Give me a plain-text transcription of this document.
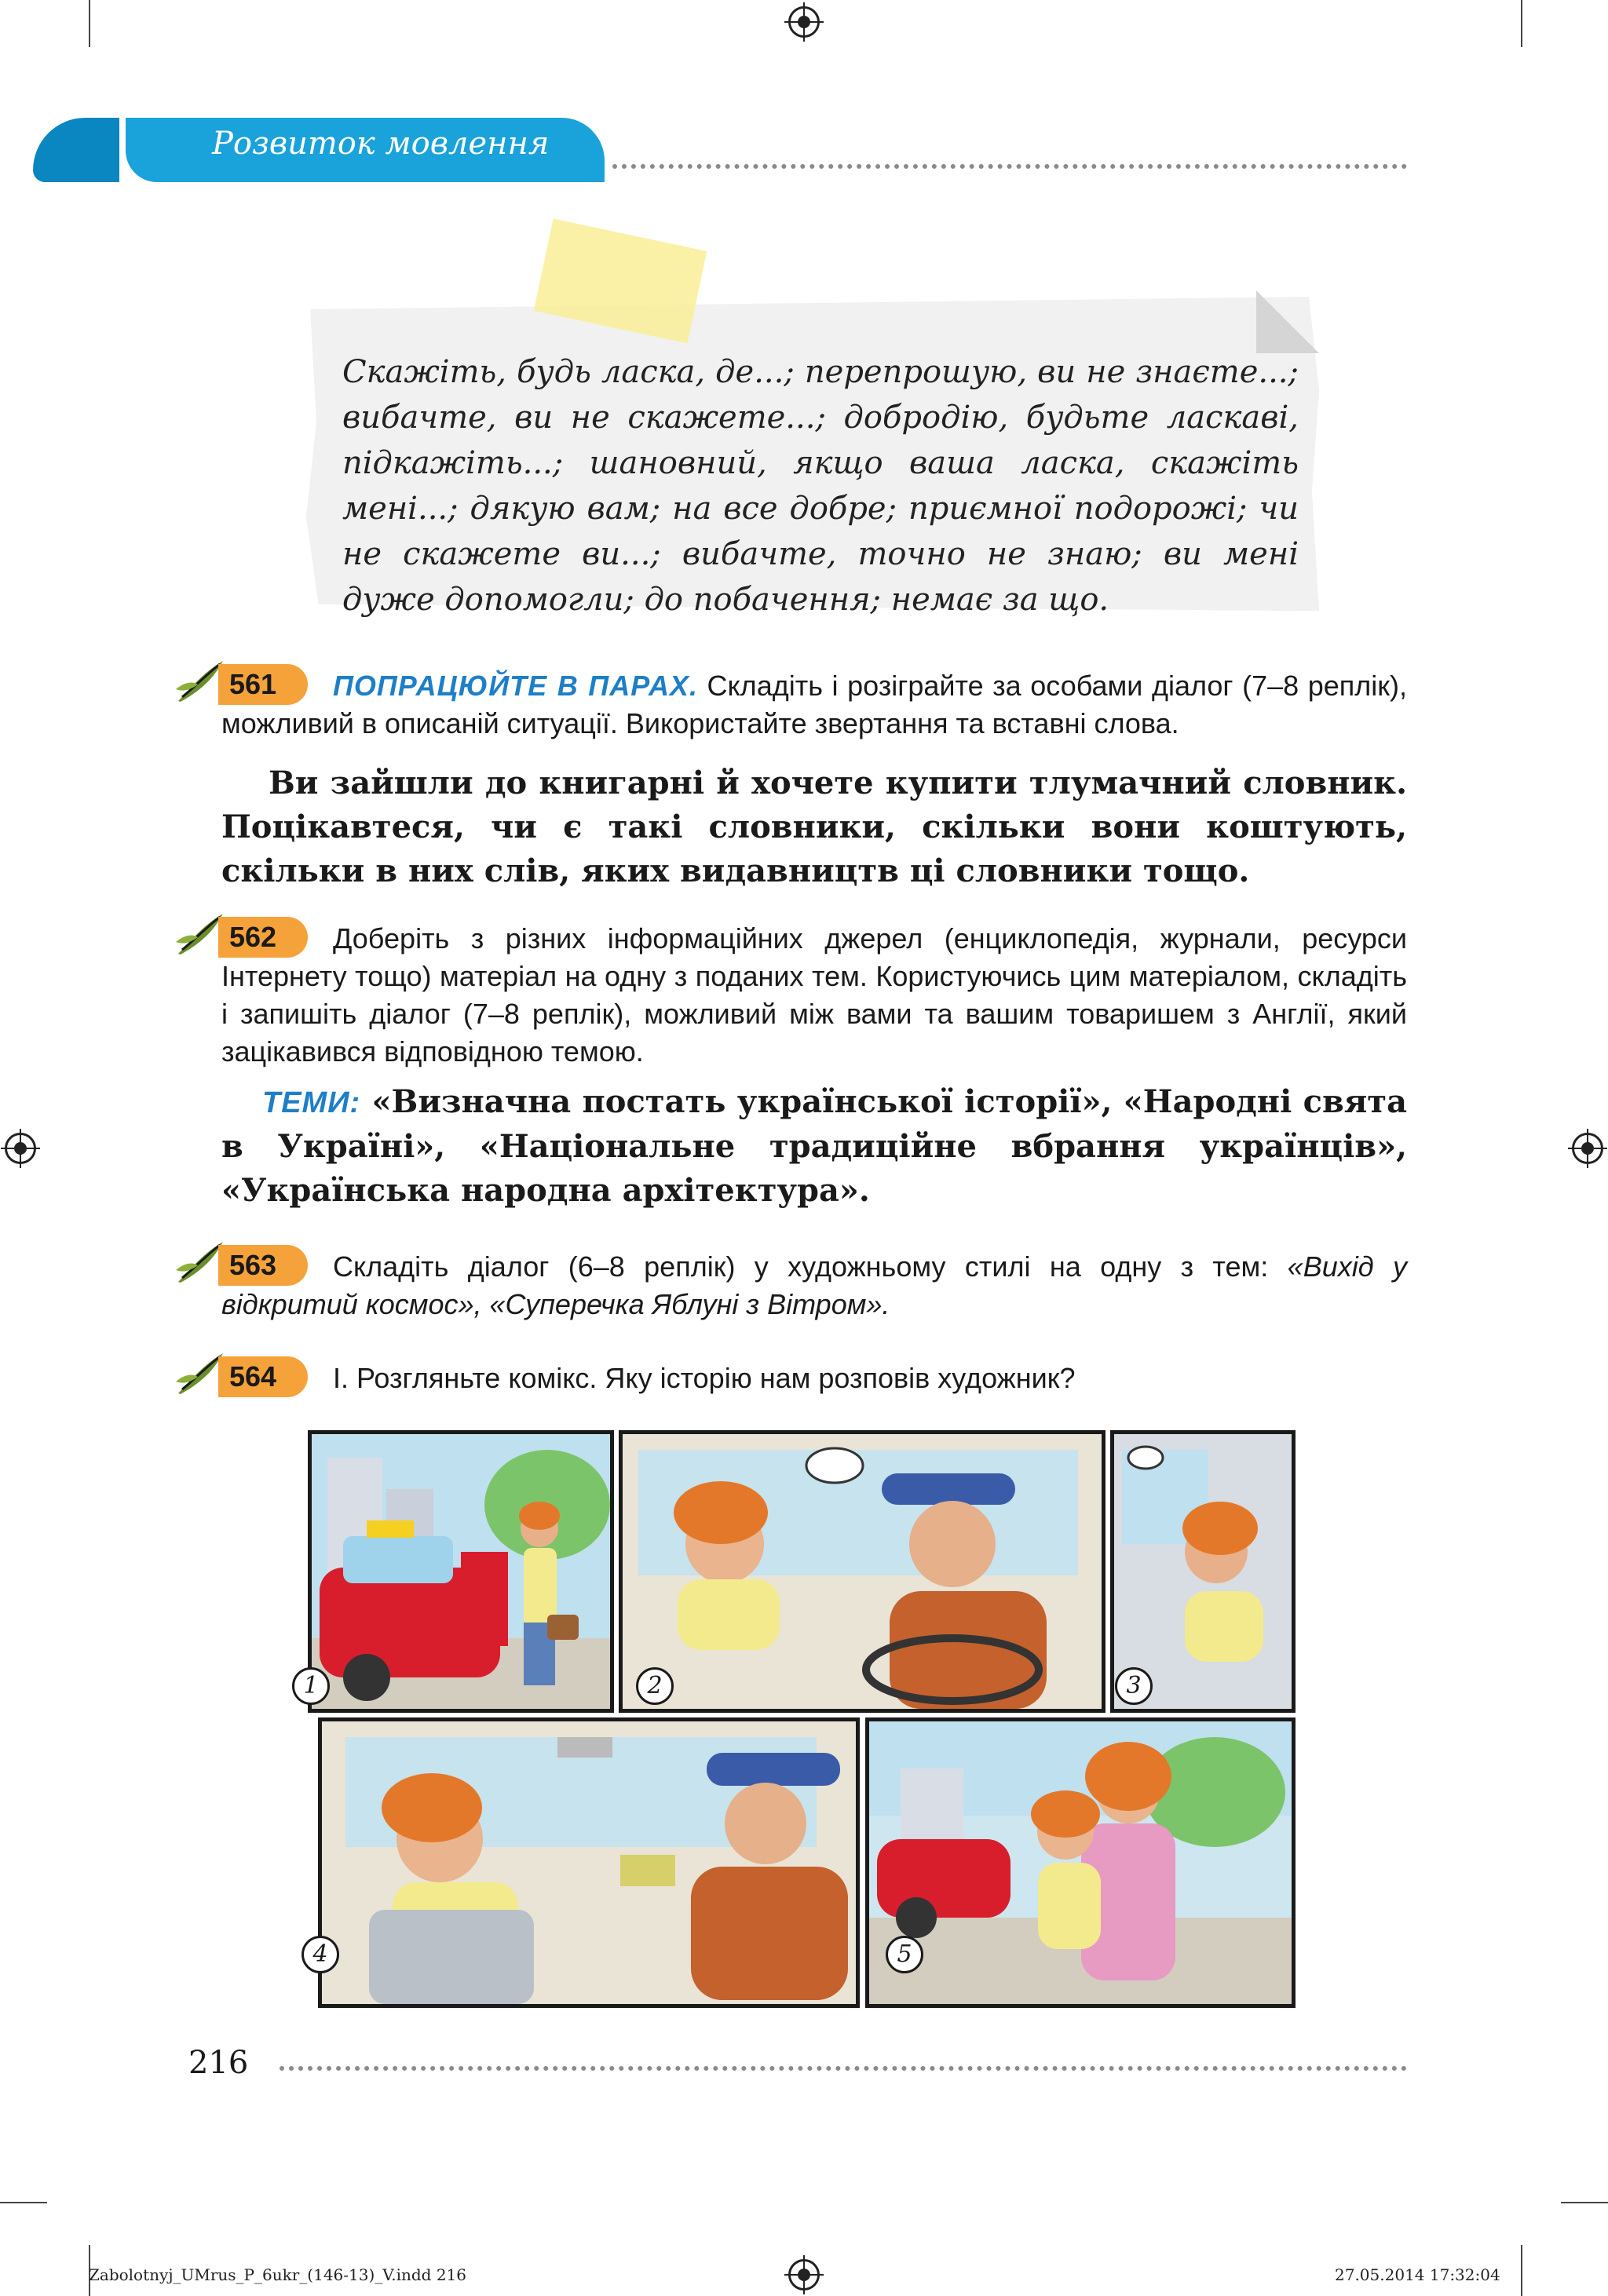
Розвиток мовлення
Скажіть, будь ласка, де...; перепрошую, ви не знаєте...; вибачте, ви не скажете...; добродію, будьте ласкаві, підкажіть...; шановний, якщо ваша ласка, скажіть мені...; дякую вам; на все добре; приємної подорожі; чи не скажете ви...; вибачте, точно не знаю; ви мені дуже допомогли; до побачення; немає за що.
561	ПОПРАЦЮЙТЕ В ПАРАХ. Складіть і розіграйте за особами діалог (7–8 реплік), можливий в описаній ситуації. Використайте звертання та вставні слова.
Ви зайшли до книгарні й хочете купити тлумачний словник. Поцікавтеся, чи є такі словники, скільки вони коштують, скільки в них слів, яких видавництв ці словники тощо.
562	Доберіть з різних інформаційних джерел (енциклопедія, журнали, ресурси Інтернету тощо) матеріал на одну з поданих тем. Користуючись цим матеріалом, складіть і запишіть діалог (7–8 реплік), можливий між вами та вашим товаришем з Англії, який зацікавився відповідною темою.
ТЕМИ: «Визначна постать української історії», «Народні свята в Україні», «Національне традиційне вбрання українців», «Українська народна архітектура».
563	Складіть діалог (6–8 реплік) у художньому стилі на одну з тем: «Вихід у відкритий космос», «Суперечка Яблуні з Вітром».
564	І. Розгляньте комікс. Яку історію нам розповів художник?
1	2	3
4	5
216
Zabolotnyj_UMrus_P_6ukr_(146-13)_V.indd 216	27.05.2014 17:32:04
